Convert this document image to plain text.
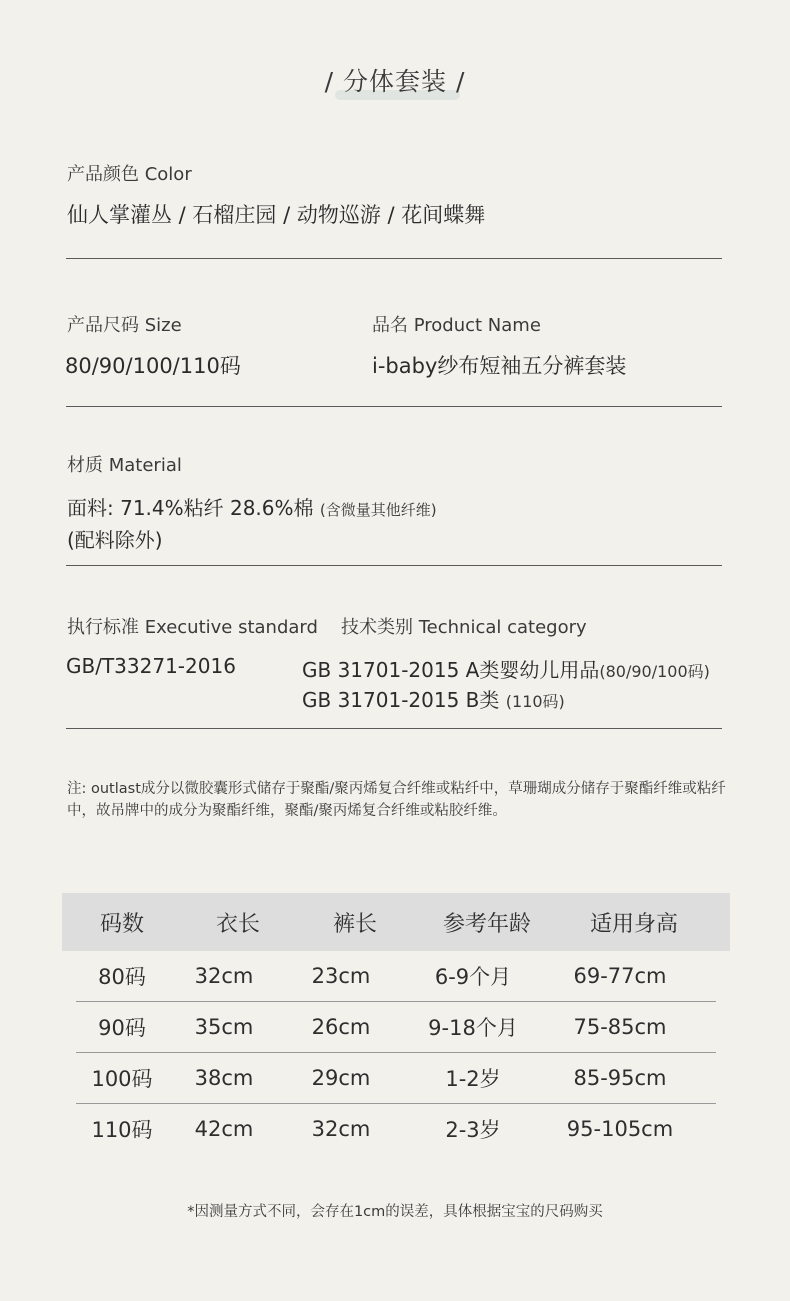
/ 分体套装 /
产品颜色 Color
仙人掌灌丛 / 石榴庄园 / 动物巡游 / 花间蝶舞
产品尺码 Size
80/90/100/110码
品名 Product Name
i-baby纱布短袖五分裤套装
材质 Material
面料: 71.4%粘纤 28.6%棉 (含微量其他纤维)
(配料除外)
执行标准 Executive standard 技术类别 Technical category
GB/T33271-2016	GB 31701-2015 A类婴幼儿用品(80/90/100码)
GB 31701-2015 B类 (110码)
注: outlast成分以微胶囊形式储存于聚酯/聚丙烯复合纤维或粘纤中，草珊瑚成分储存于聚酯纤维或粘纤中，故吊牌中的成分为聚酯纤维，聚酯/聚丙烯复合纤维或粘胶纤维。
码数	衣长	裤长	参考年龄	适用身高
80码	32cm	23cm	6-9个月	69-77cm
90码	35cm	26cm	9-18个月	75-85cm
100码	38cm	29cm	1-2岁	85-95cm
110码	42cm	32cm	2-3岁	95-105cm
*因测量方式不同，会存在1cm的误差，具体根据宝宝的尺码购买
